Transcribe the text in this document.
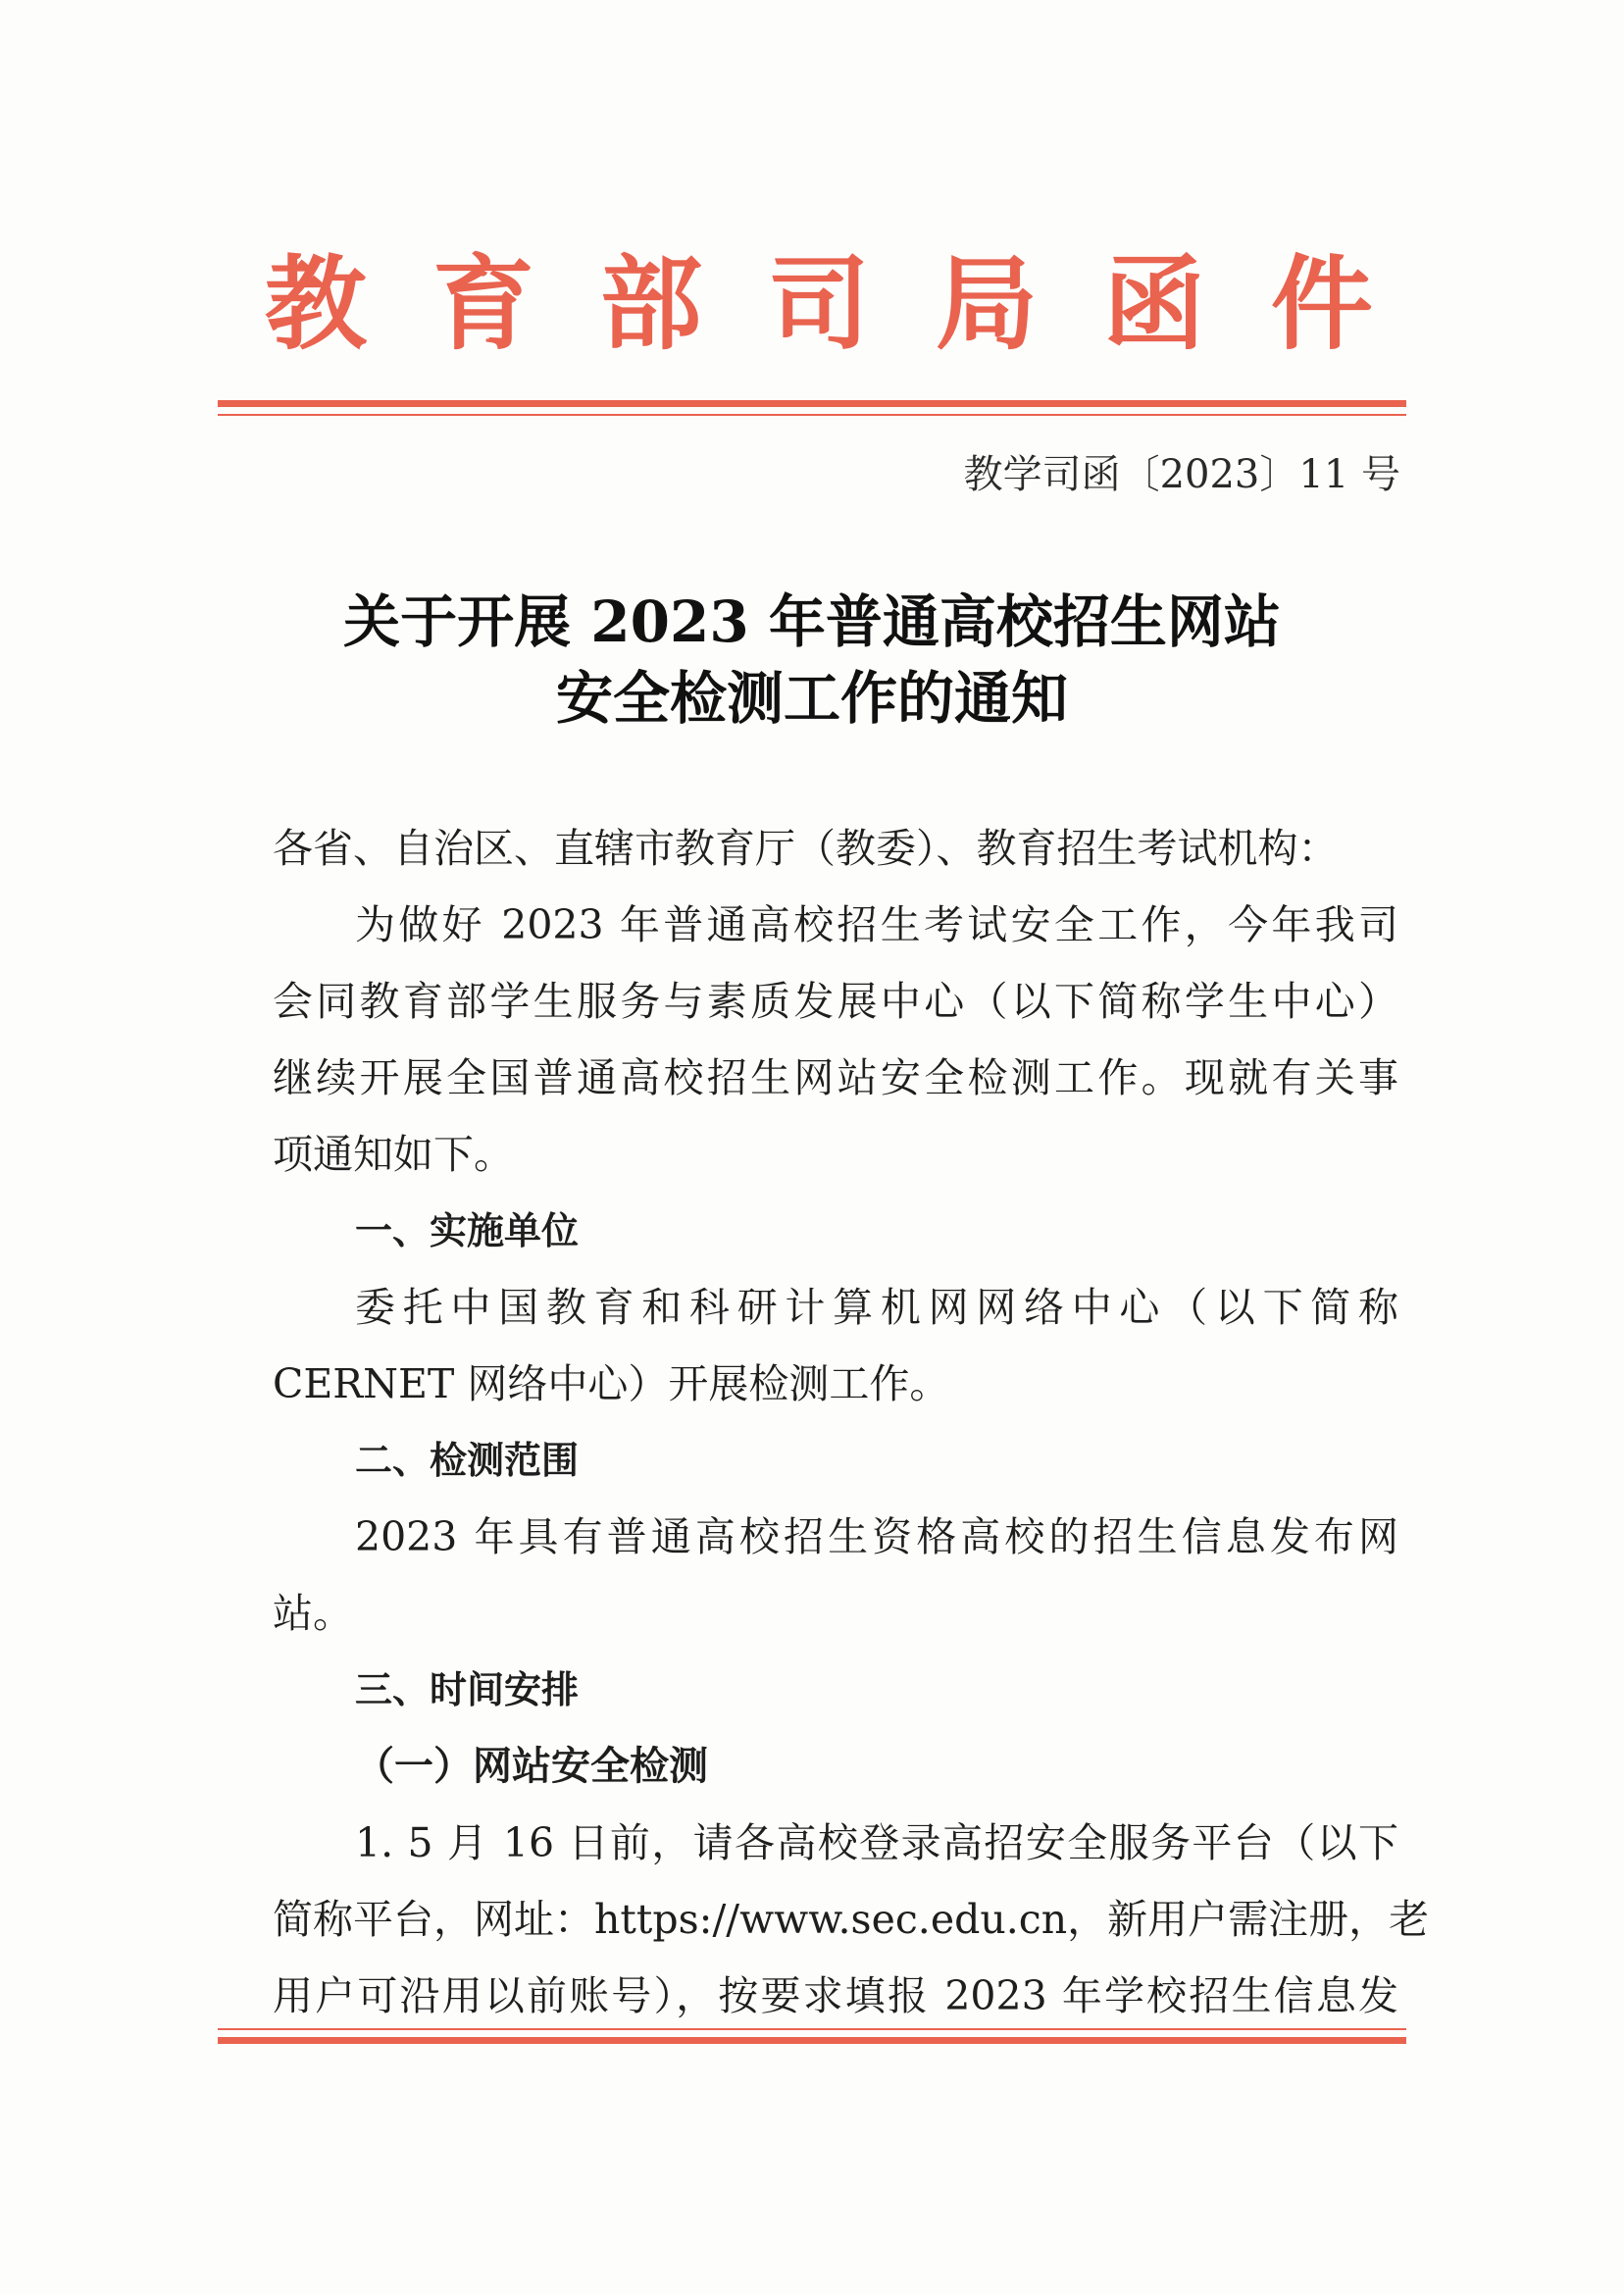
教 育 部 司 局 函 件
教学司函〔2023〕11 号
关于开展 2023 年普通高校招生网站
安全检测工作的通知
各省、自治区、直辖市教育厅（教委）、教育招生考试机构：
为做好 2023 年普通高校招生考试安全工作，今年我司
会同教育部学生服务与素质发展中心（以下简称学生中心）
继续开展全国普通高校招生网站安全检测工作。现就有关事
项通知如下。
一、实施单位
委托中国教育和科研计算机网网络中心（以下简称
CERNET 网络中心）开展检测工作。
二、检测范围
2023 年具有普通高校招生资格高校的招生信息发布网
站。
三、时间安排
（一）网站安全检测
1. 5 月 16 日前，请各高校登录高招安全服务平台（以下
简称平台，网址：https://www.sec.edu.cn，新用户需注册，老
用户可沿用以前账号），按要求填报 2023 年学校招生信息发
